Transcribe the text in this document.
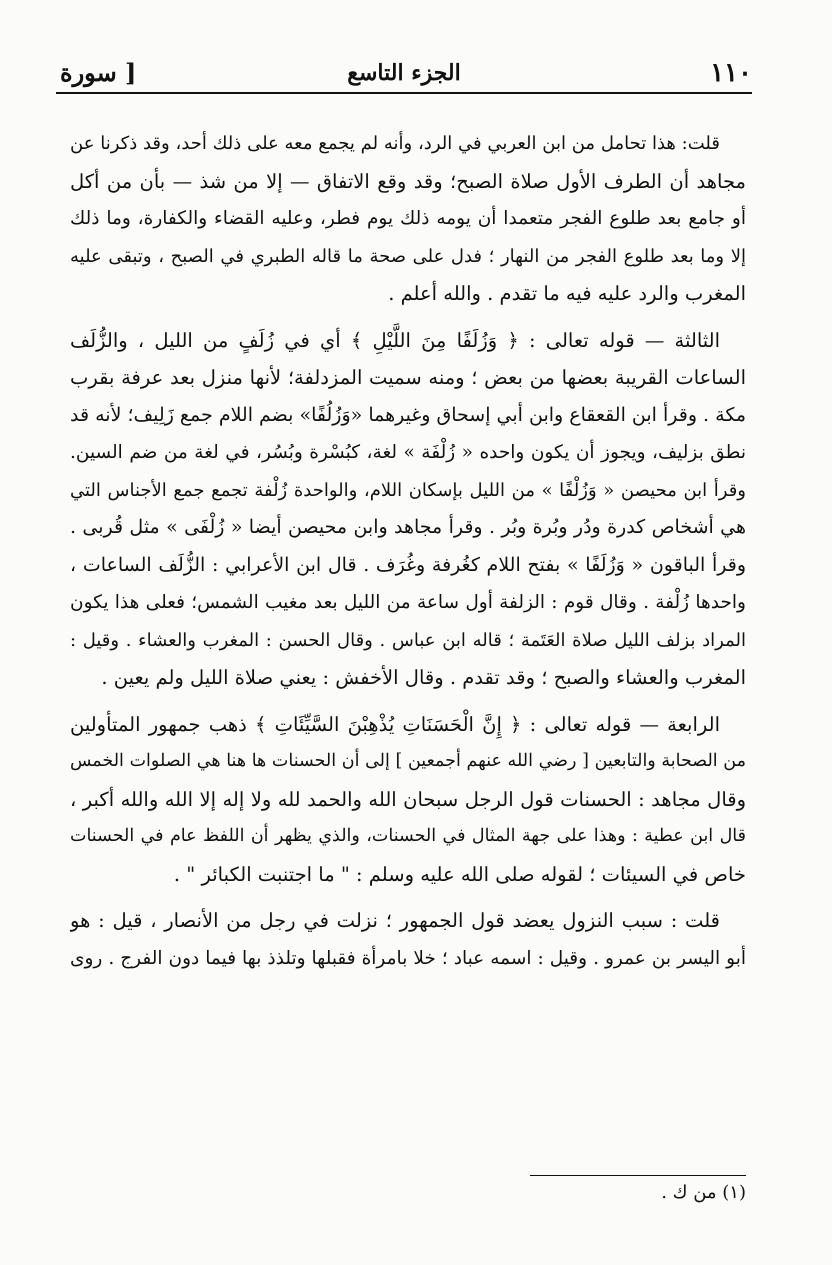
١١٠
الجزء التاسع
[ سورة
قلت: هذا تحامل من ابن العربي في الرد، وأنه لم يجمع معه على ذلك أحد، وقد ذكرنا عن
مجاهد أن الطرف الأول صلاة الصبح؛ وقد وقع الاتفاق — إلا من شذ — بأن من أكل
أو جامع بعد طلوع الفجر متعمدا أن يومه ذلك يوم فطر، وعليه القضاء والكفارة، وما ذلك
إلا وما بعد طلوع الفجر من النهار ؛ فدل على صحة ما قاله الطبري في الصبح ، وتبقى عليه
المغرب والرد عليه فيه ما تقدم . والله أعلم .
الثالثة — قوله تعالى : ﴿ وَزُلَفًا مِنَ اللَّيْلِ ﴾ أي في زُلَفٍ من الليل ، والزُّلَف
الساعات القريبة بعضها من بعض ؛ ومنه سميت المزدلفة؛ لأنها منزل بعد عرفة بقرب
مكة . وقرأ ابن القعقاع وابن أبي إسحاق وغيرهما «وَزُلُفًا» بضم اللام جمع زَلِيف؛ لأنه قد
نطق بزليف، ويجوز أن يكون واحده « زُلْفَة » لغة، كبُسْرة وبُسُر، في لغة من ضم السين.
وقرأ ابن محيصن « وَزُلْفًا » من الليل بإسكان اللام، والواحدة زُلْفة تجمع جمع الأجناس التي
هي أشخاص كدرة ودُر وبُرة وبُر . وقرأ مجاهد وابن محيصن أيضا « زُلْفَى » مثل قُربى .
وقرأ الباقون « وَزُلَفًا » بفتح اللام كغُرفة وغُرَف . قال ابن الأعرابي : الزُّلَف الساعات ،
واحدها زُلْفة . وقال قوم : الزلفة أول ساعة من الليل بعد مغيب الشمس؛ فعلى هذا يكون
المراد بزلف الليل صلاة العَتَمة ؛ قاله ابن عباس . وقال الحسن : المغرب والعشاء . وقيل :
المغرب والعشاء والصبح ؛ وقد تقدم . وقال الأخفش : يعني صلاة الليل ولم يعين .
الرابعة — قوله تعالى : ﴿ إِنَّ الْحَسَنَاتِ يُذْهِبْنَ السَّيِّئَاتِ ﴾ ذهب جمهور المتأولين
من الصحابة والتابعين [ رضي الله عنهم أجمعين ] إلى أن الحسنات ها هنا هي الصلوات الخمس
وقال مجاهد : الحسنات قول الرجل سبحان الله والحمد لله ولا إله إلا الله والله أكبر ،
قال ابن عطية : وهذا على جهة المثال في الحسنات، والذي يظهر أن اللفظ عام في الحسنات
خاص في السيئات ؛ لقوله صلى الله عليه وسلم : " ما اجتنبت الكبائر " .
قلت : سبب النزول يعضد قول الجمهور ؛ نزلت في رجل من الأنصار ، قيل : هو
أبو اليسر بن عمرو . وقيل : اسمه عباد ؛ خلا بامرأة فقبلها وتلذذ بها فيما دون الفرج . روى
(١) من ك .
